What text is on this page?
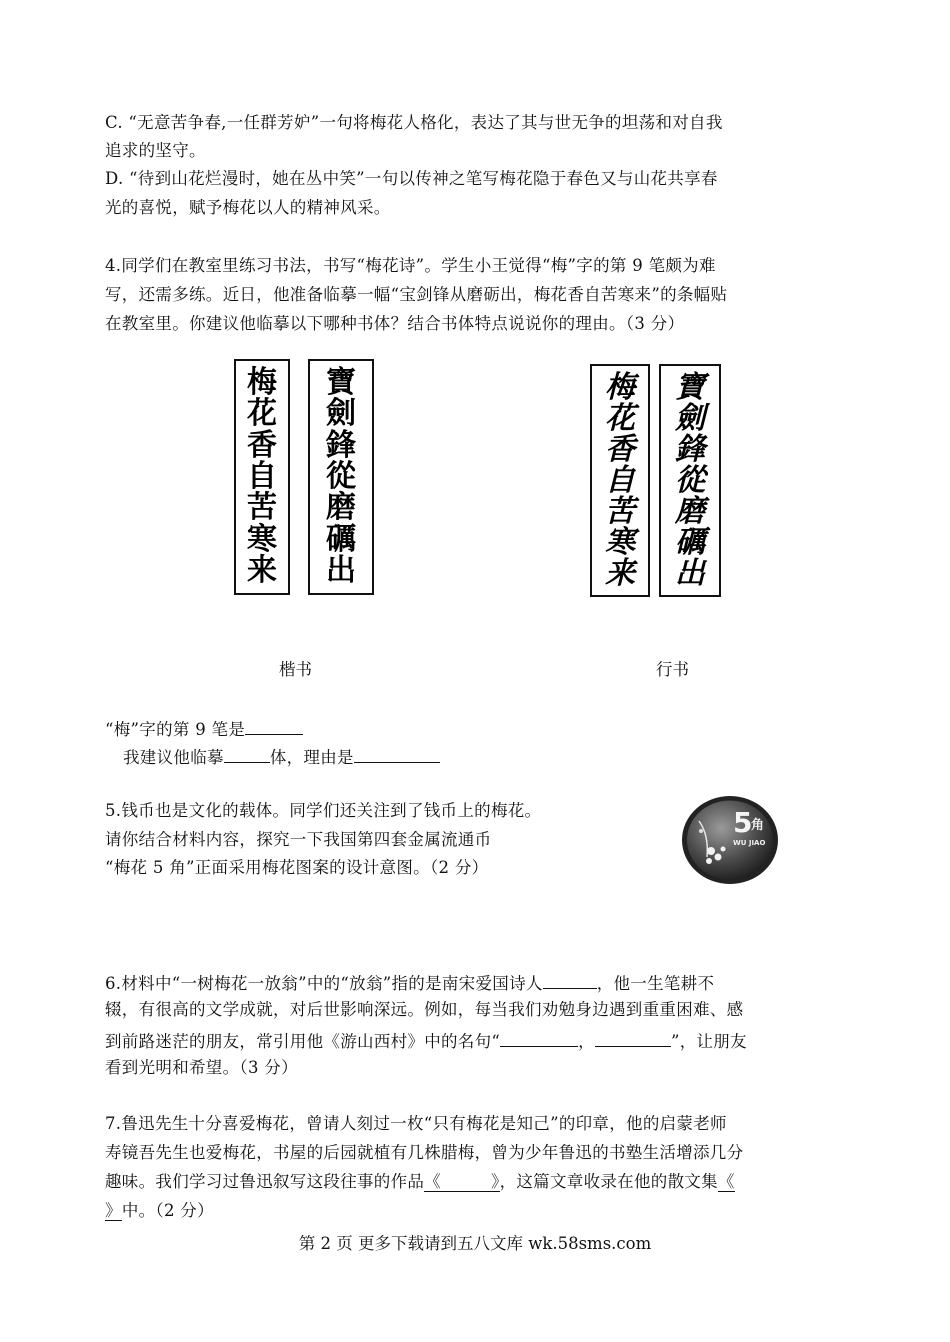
C. “无意苦争春,一任群芳妒”一句将梅花人格化，表达了其与世无争的坦荡和对自我
追求的坚守。
D. “待到山花烂漫时，她在丛中笑”一句以传神之笔写梅花隐于春色又与山花共享春
光的喜悦，赋予梅花以人的精神风采。
4.同学们在教室里练习书法，书写“梅花诗”。学生小王觉得“梅”字的第 9 笔颇为难
写，还需多练。近日，他准备临摹一幅“宝剑锋从磨砺出，梅花香自苦寒来”的条幅贴
在教室里。你建议他临摹以下哪种书体？结合书体特点说说你的理由。（3 分）
梅
花
香
自
苦
寒
来
寶
劍
鋒
從
磨
礪
出
梅
花
香
自
苦
寒
来
寶
劍
鋒
從
磨
礪
出
楷书	行书
“梅”字的第 9 笔是
我建议他临摹	体，理由是
5.钱币也是文化的载体。同学们还关注到了钱币上的梅花。
请你结合材料内容，探究一下我国第四套金属流通币
“梅花 5 角”正面采用梅花图案的设计意图。（2 分）
5
角
WU JIAO
6.材料中“一树梅花一放翁”中的“放翁”指的是南宋爱国诗人	，他一生笔耕不
辍，有很高的文学成就，对后世影响深远。例如，每当我们劝勉身边遇到重重困难、感
到前路迷茫的朋友，常引用他《游山西村》中的名句“	，	”，让朋友
看到光明和希望。（3 分）
7.鲁迅先生十分喜爱梅花，曾请人刻过一枚“只有梅花是知己”的印章，他的启蒙老师
寿镜吾先生也爱梅花，书屋的后园就植有几株腊梅，曾为少年鲁迅的书塾生活增添几分
趣味。我们学习过鲁迅叙写这段往事的作品《	》，这篇文章收录在他的散文集《
》中。（2 分）
第 2 页 更多下载请到五八文库 wk.58sms.com
